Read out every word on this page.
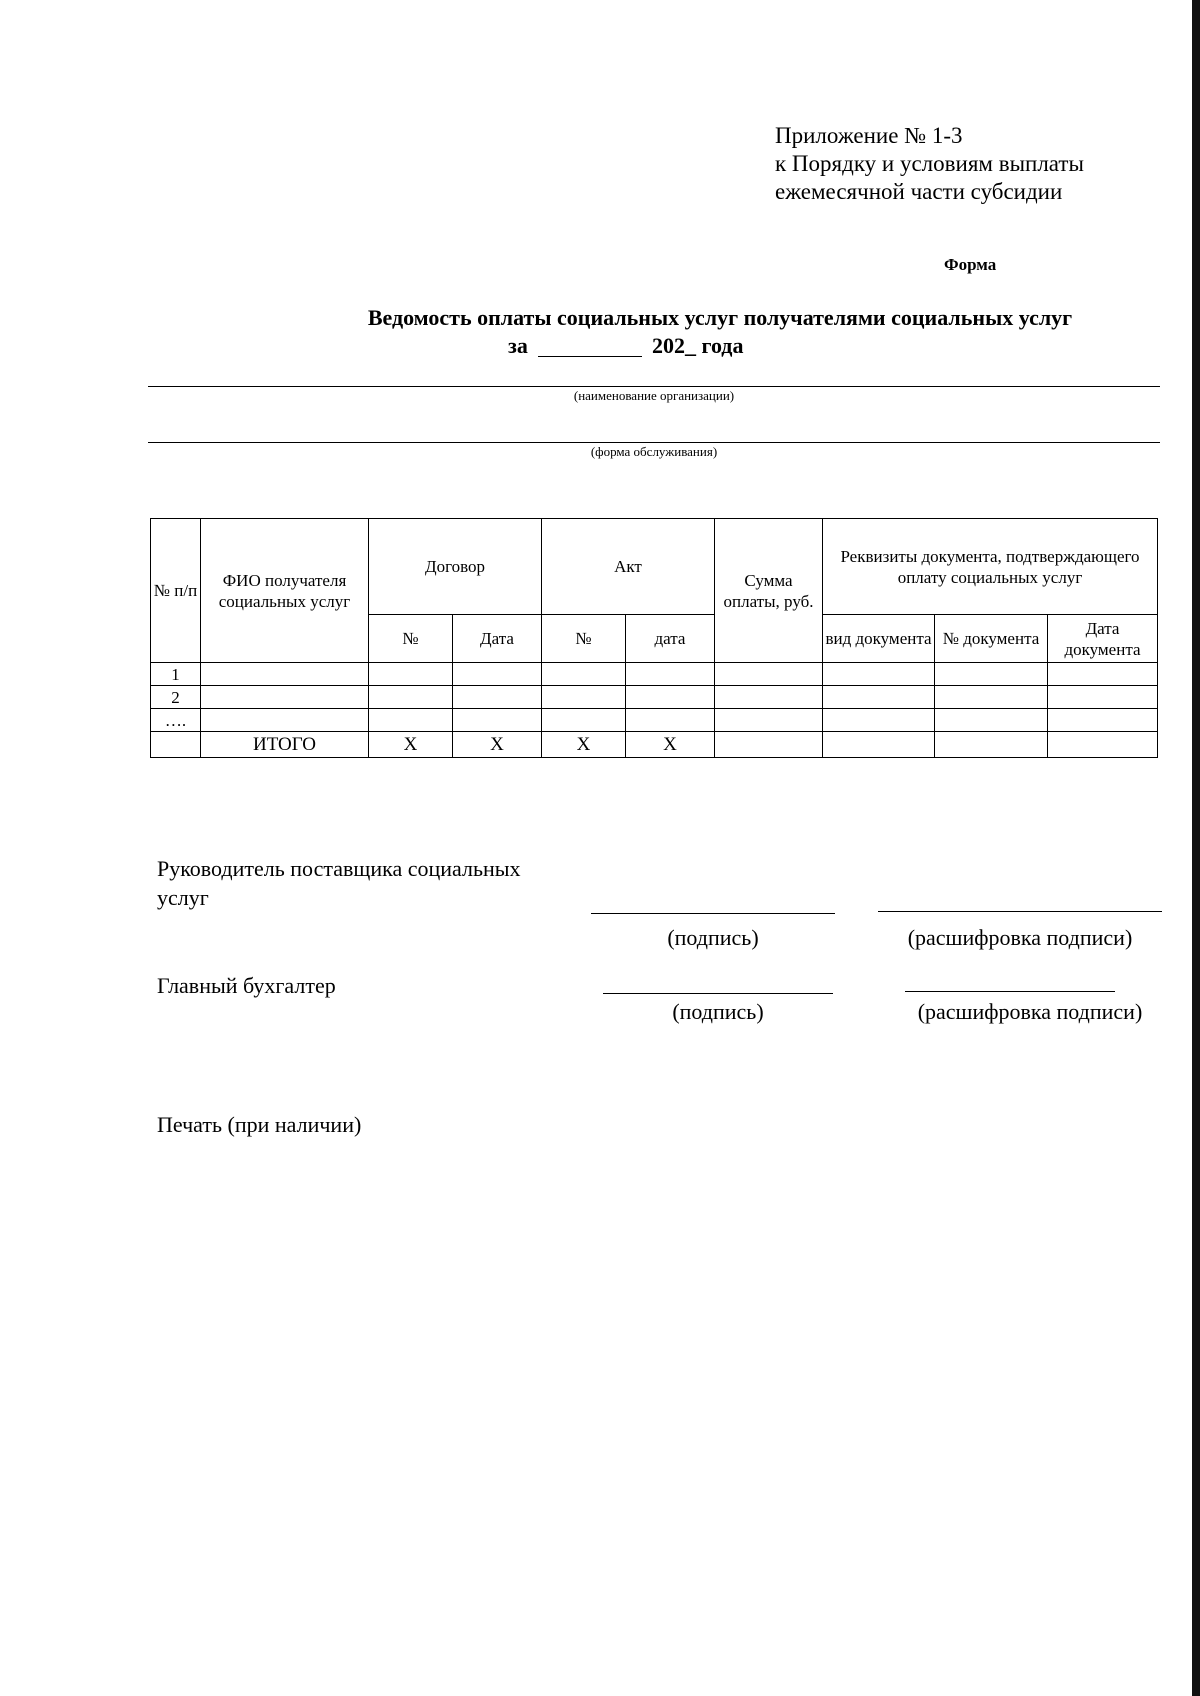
Приложение № 1-3
к Порядку и условиям выплаты
ежемесячной части субсидии
Форма
Ведомость оплаты социальных услуг получателями социальных услуг
за	202_ года
(наименование организации)
(форма обслуживания)
№ п/п	ФИО получателя социальных услуг	Договор		Акт		Сумма оплаты, руб.	Реквизиты документа, подтверждающего оплату социальных услуг		
		№	Дата	№	дата		вид документа	№ документа	Дата документа
1									
2									
….									
	ИТОГО	X	X	X	X				
Руководитель поставщика социальных
услуг
(подпись)	(расшифровка подписи)
Главный бухгалтер
(подпись)	(расшифровка подписи)
Печать (при наличии)
